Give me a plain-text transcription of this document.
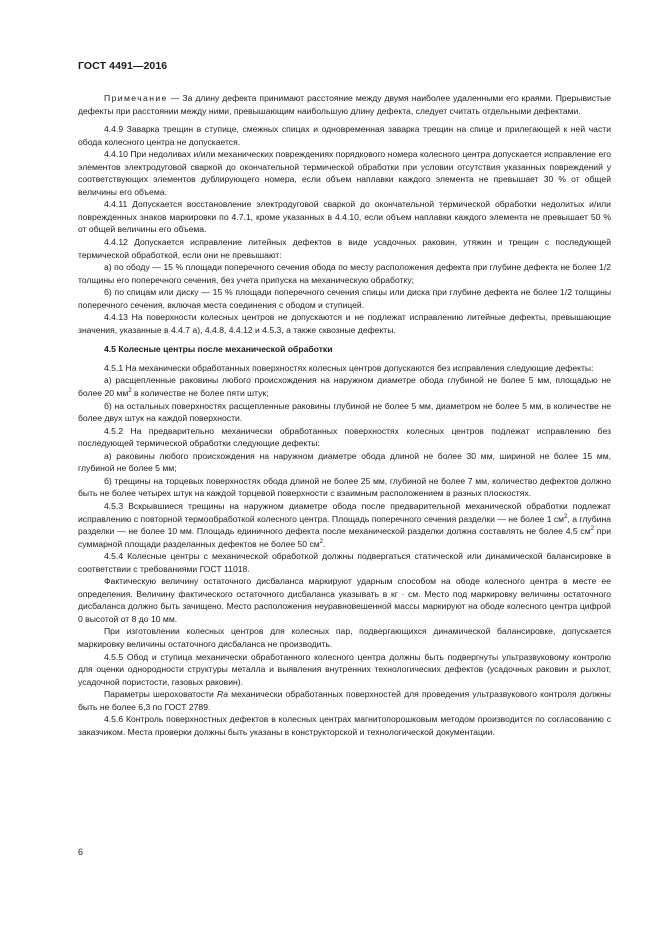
ГОСТ 4491—2016

Примечание — За длину дефекта принимают расстояние между двумя наиболее удаленными его краями. Прерывистые дефекты при расстоянии между ними, превышающим наибольшую длину дефекта, следует считать отдельными дефектами.

4.4.9 Заварка трещин в ступице, смежных спицах и одновременная заварка трещин на спице и прилегающей к ней части обода колесного центра не допускается.

4.4.10 При недоливах и/или механических повреждениях порядкового номера колесного центра допускается исправление его элементов электродуговой сваркой до окончательной термической обработки при условии отсутствия указанных повреждений у соответствующих элементов дублирующего номера, если объем наплавки каждого элемента не превышает 30 % от общей величины его объема.

4.4.11 Допускается восстановление электродуговой сваркой до окончательной термической обработки недолитых и/или поврежденных знаков маркировки по 4.7.1, кроме указанных в 4.4.10, если объем наплавки каждого элемента не превышает 50 % от общей величины его объема.

4.4.12 Допускается исправление литейных дефектов в виде усадочных раковин, утяжин и трещин с последующей термической обработкой, если они не превышают:

а) по ободу — 15 % площади поперечного сечения обода по месту расположения дефекта при глубине дефекта не более 1/2 толщины его поперечного сечения, без учета припуска на механическую обработку;

б) по спицам или диску — 15 % площади поперечного сечения спицы или диска при глубине дефекта не более 1/2 толщины поперечного сечения, включая места соединения с ободом и ступицей.

4.4.13 На поверхности колесных центров не допускаются и не подлежат исправлению литейные дефекты, превышающие значения, указанные в 4.4.7 а), 4.4.8, 4.4.12 и 4.5.3, а также сквозные дефекты.

4.5 Колесные центры после механической обработки

4.5.1 На механически обработанных поверхностях колесных центров допускаются без исправления следующие дефекты:

а) расщепленные раковины любого происхождения на наружном диаметре обода глубиной не более 5 мм, площадью не более 20 $мм^2$ в количестве не более пяти штук;

б) на остальных поверхностях расщепленные раковины глубиной не более 5 мм, диаметром не более 5 мм, в количестве не более двух штук на каждой поверхности.

4.5.2 На предварительно механически обработанных поверхностях колесных центров подлежат исправлению без последующей термической обработки следующие дефекты:

а) раковины любого происхождения на наружном диаметре обода длиной не более 30 мм, шириной не более 15 мм, глубиной не более 5 мм;

б) трещины на торцевых поверхностях обода длиной не более 25 мм, глубиной не более 7 мм, количество дефектов должно быть не более четырех штук на каждой торцевой поверхности с взаимным расположением в разных плоскостях.

4.5.3 Вскрывшиеся трещины на наружном диаметре обода после предварительной механической обработки подлежат исправлению с повторной термообработкой колесного центра. Площадь поперечного сечения разделки — не более 1 $см^2$, а глубина разделки — не более 10 мм. Площадь единичного дефекта после механической разделки должна составлять не более 4,5 $см^2$ при суммарной площади разделанных дефектов не более 50 $см^2$.

4.5.4 Колесные центры с механической обработкой должны подвергаться статической или динамической балансировке в соответствии с требованиями ГОСТ 11018.

Фактическую величину остаточного дисбаланса маркируют ударным способом на ободе колесного центра в месте ее определения. Величину фактического остаточного дисбаланса указывать в кг · см. Место под маркировку величины остаточного дисбаланса должно быть зачищено. Место расположения неуравновешенной массы маркируют на ободе колесного центра цифрой 0 высотой от 8 до 10 мм.

При изготовлении колесных центров для колесных пар, подвергающихся динамической балансировке, допускается маркировку величины остаточного дисбаланса не производить.

4.5.5 Обод и ступица механически обработанного колесного центра должны быть подвергнуты ультразвуковому контролю для оценки однородности структуры металла и выявления внутренних технологических дефектов (усадочных раковин и рыхлот, усадочной пористости, газовых раковин).

Параметры шероховатости Ra механически обработанных поверхностей для проведения ультразвукового контроля должны быть не более 6,3 по ГОСТ 2789.

4.5.6 Контроль поверхностных дефектов в колесных центрах магнитопорошковым методом производится по согласованию с заказчиком. Места проверки должны быть указаны в конструкторской и технологической документации.

6
